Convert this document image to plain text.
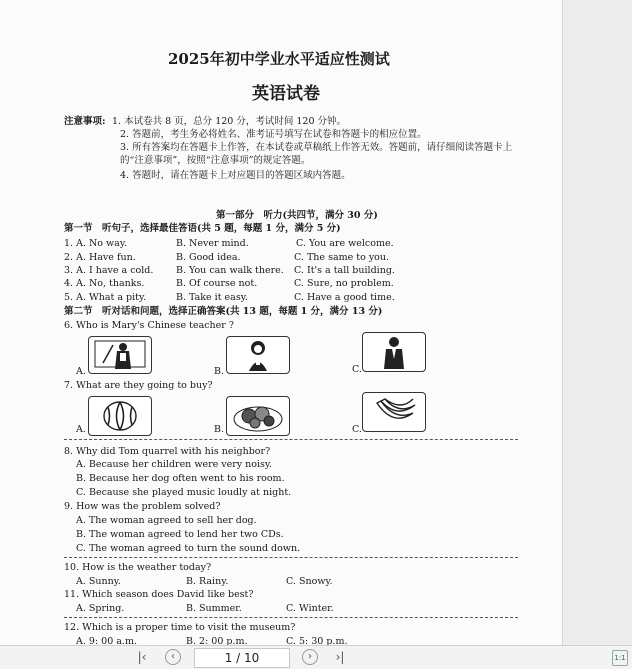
2025年初中学业水平适应性测试
英语试卷
注意事项: 1. 本试卷共 8 页，总分 120 分，考试时间 120 分钟。
2. 答题前，考生务必将姓名、准考证号填写在试卷和答题卡的相应位置。
3. 所有答案均在答题卡上作答，在本试卷或草稿纸上作答无效。答题前，请仔细阅读答题卡上
的“注意事项”，按照“注意事项”的规定答题。
4. 答题时，请在答题卡上对应题目的答题区域内答题。
第一部分　听力(共四节，满分 30 分)
第一节　听句子，选择最佳答语(共 5 题，每题 1 分，满分 5 分)
1. A. No way.	B. Never mind.	C. You are welcome.
2. A. Have fun.	B. Good idea.	C. The same to you.
3. A. I have a cold. B. You can walk there. C. It's a tall building.
4. A. No, thanks.	B. Of course not.	C. Sure, no problem.
5. A. What a pity.	B. Take it easy.	C. Have a good time.
第二节　听对话和问题，选择正确答案(共 13 题，每题 1 分，满分 13 分)
6. Who is Mary's Chinese teacher ?
A.	B.	C.
7. What are they going to buy?
A.	B.	C.
8. Why did Tom quarrel with his neighbor?
A. Because her children were very noisy.
B. Because her dog often went to his room.
C. Because she played music loudly at night.
9. How was the problem solved?
A. The woman agreed to sell her dog.
B. The woman agreed to lend her two CDs.
C. The woman agreed to turn the sound down.
10. How is the weather today?
A. Sunny.	B. Rainy.	C. Snowy.
11. Which season does David like best?
A. Spring.	B. Summer.	C. Winter.
12. Which is a proper time to visit the museum?
A. 9: 00 a.m.	B. 2: 00 p.m.	C. 5: 30 p.m.
|‹	‹	1 / 10	›	›|	1:1
